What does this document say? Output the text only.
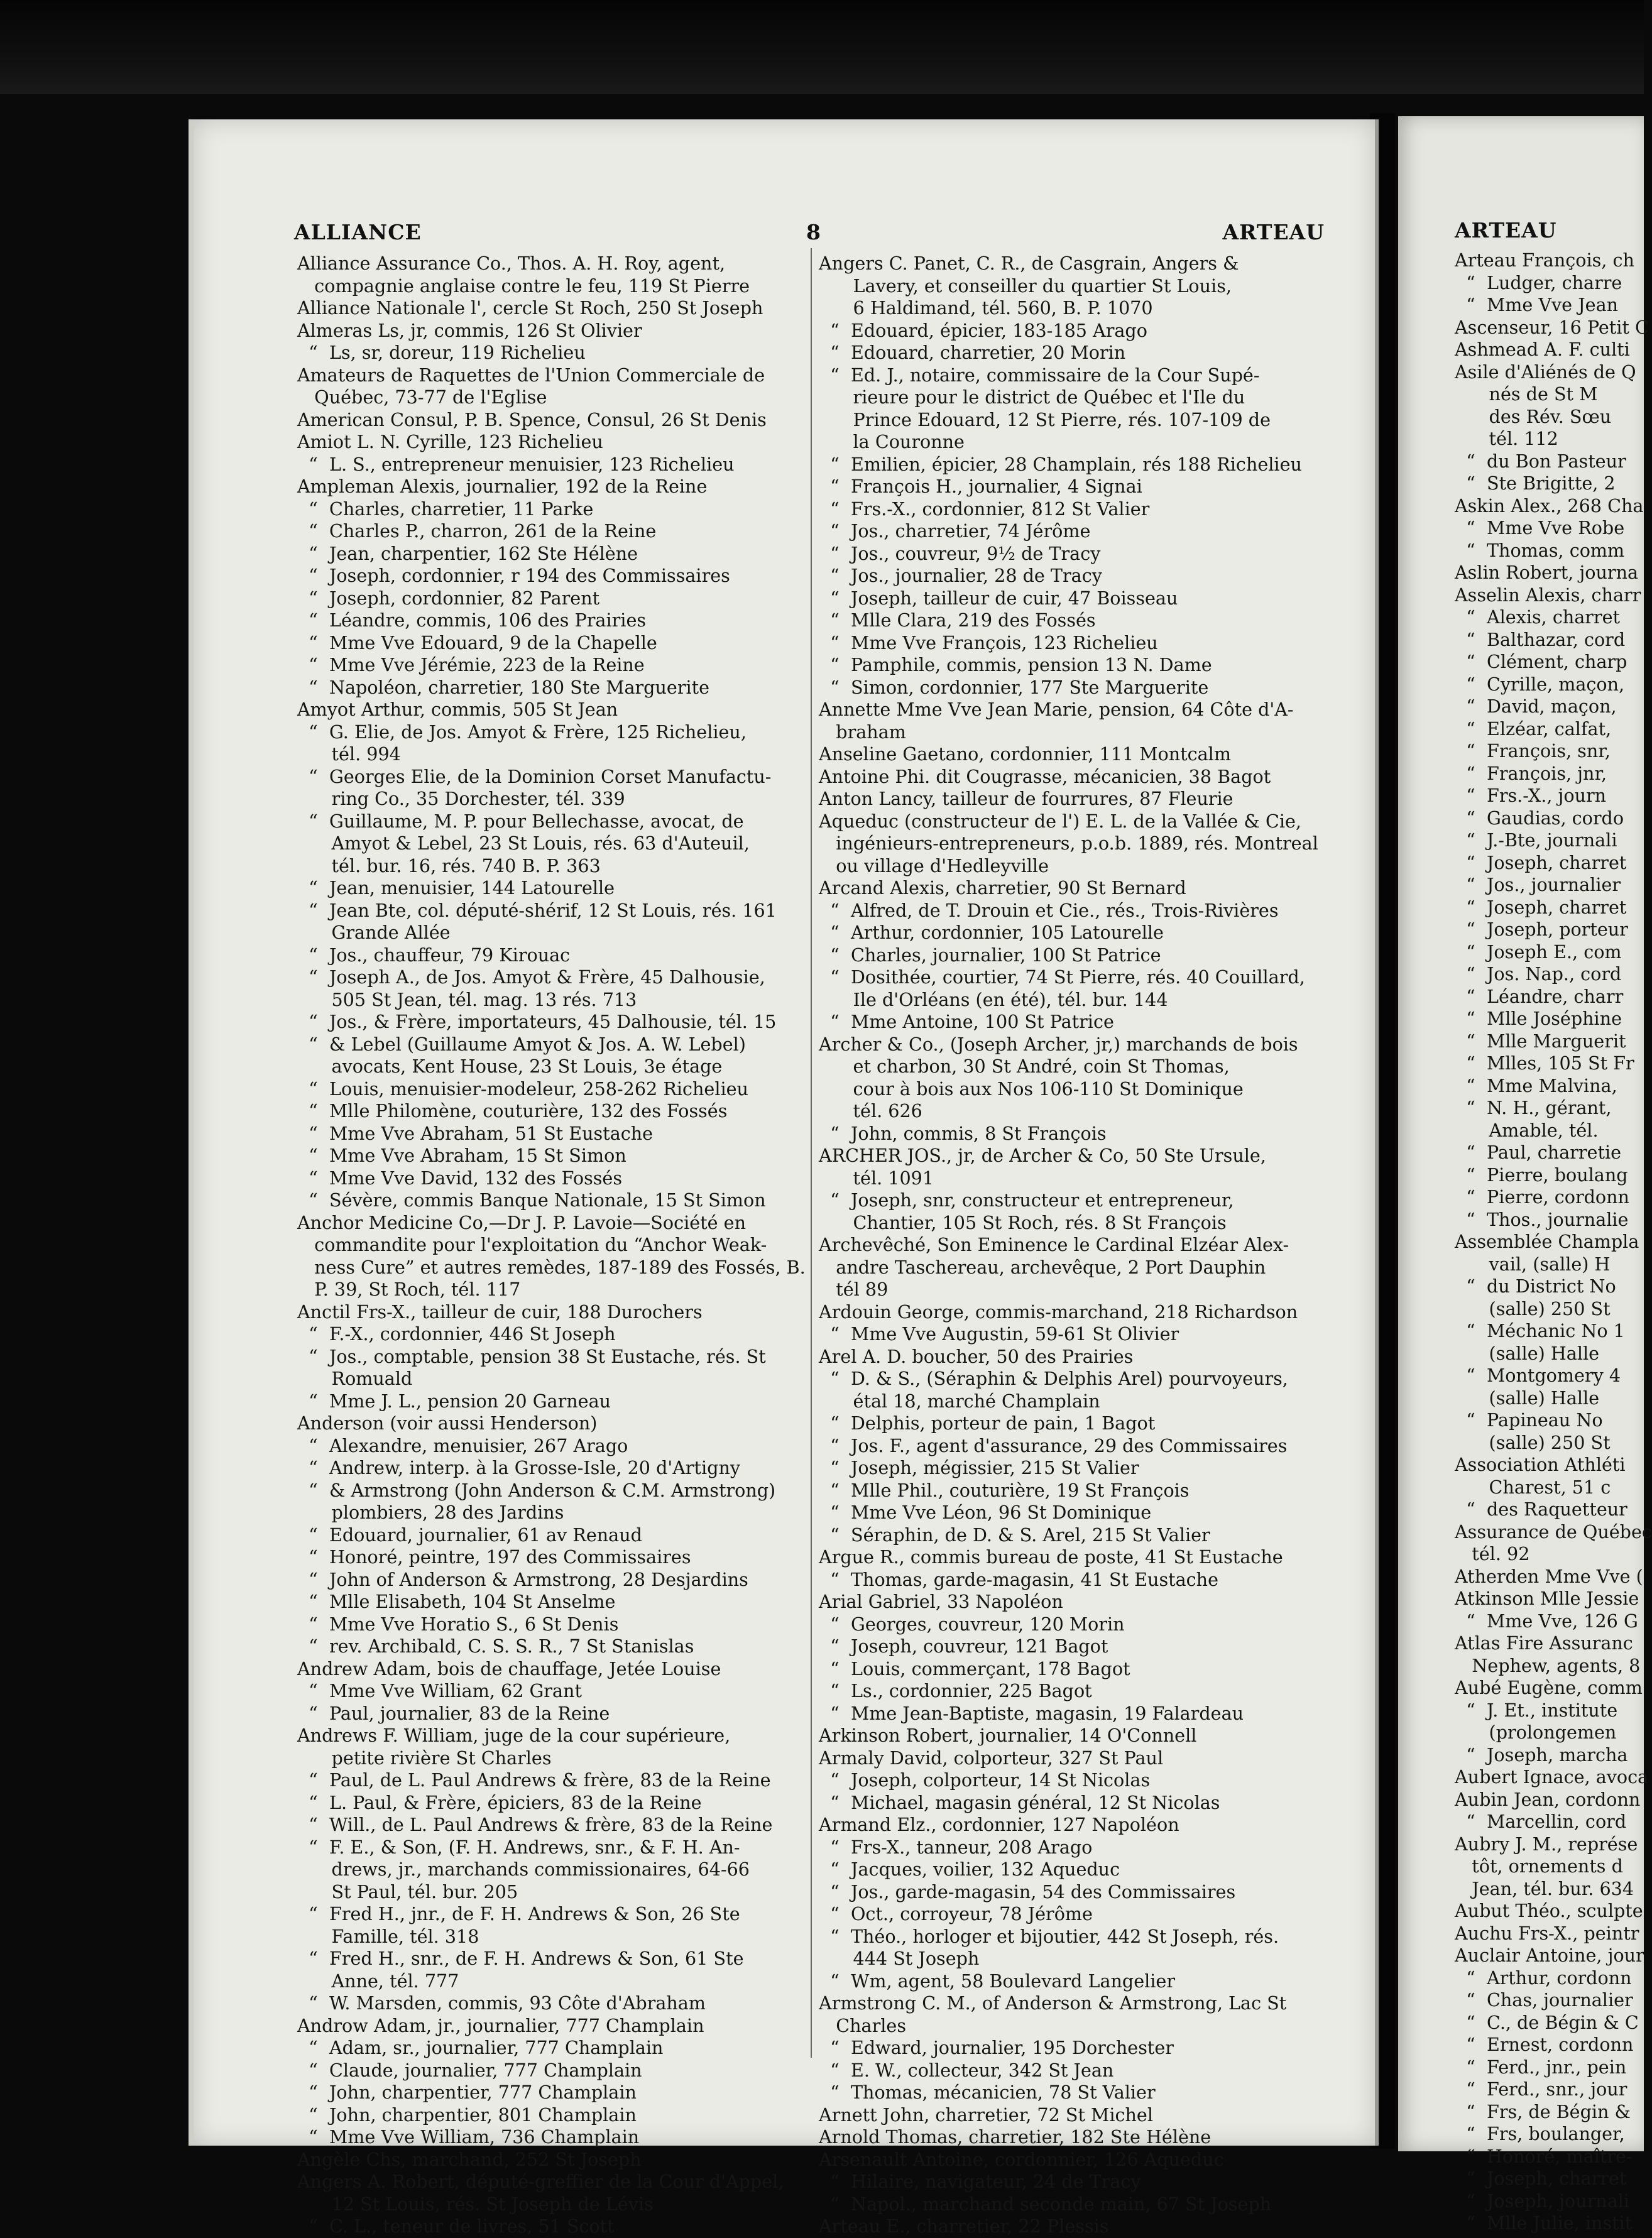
ALLIANCE	8	ARTEAU
Alliance Assurance Co., Thos. A. H. Roy, agent,
compagnie anglaise contre le feu, 119 St Pierre
Alliance Nationale l', cercle St Roch, 250 St Joseph
Almeras Ls, jr, commis, 126 St Olivier
“  Ls, sr, doreur, 119 Richelieu
Amateurs de Raquettes de l'Union Commerciale de
Québec, 73-77 de l'Eglise
American Consul, P. B. Spence, Consul, 26 St Denis
Amiot L. N. Cyrille, 123 Richelieu
“  L. S., entrepreneur menuisier, 123 Richelieu
Ampleman Alexis, journalier, 192 de la Reine
“  Charles, charretier, 11 Parke
“  Charles P., charron, 261 de la Reine
“  Jean, charpentier, 162 Ste Hélène
“  Joseph, cordonnier, r 194 des Commissaires
“  Joseph, cordonnier, 82 Parent
“  Léandre, commis, 106 des Prairies
“  Mme Vve Edouard, 9 de la Chapelle
“  Mme Vve Jérémie, 223 de la Reine
“  Napoléon, charretier, 180 Ste Marguerite
Amyot Arthur, commis, 505 St Jean
“  G. Elie, de Jos. Amyot & Frère, 125 Richelieu,
tél. 994
“  Georges Elie, de la Dominion Corset Manufactu-
ring Co., 35 Dorchester, tél. 339
“  Guillaume, M. P. pour Bellechasse, avocat, de
Amyot & Lebel, 23 St Louis, rés. 63 d'Auteuil,
tél. bur. 16, rés. 740 B. P. 363
“  Jean, menuisier, 144 Latourelle
“  Jean Bte, col. député-shérif, 12 St Louis, rés. 161
Grande Allée
“  Jos., chauffeur, 79 Kirouac
“  Joseph A., de Jos. Amyot & Frère, 45 Dalhousie,
505 St Jean, tél. mag. 13 rés. 713
“  Jos., & Frère, importateurs, 45 Dalhousie, tél. 15
“  & Lebel (Guillaume Amyot & Jos. A. W. Lebel)
avocats, Kent House, 23 St Louis, 3e étage
“  Louis, menuisier-modeleur, 258-262 Richelieu
“  Mlle Philomène, couturière, 132 des Fossés
“  Mme Vve Abraham, 51 St Eustache
“  Mme Vve Abraham, 15 St Simon
“  Mme Vve David, 132 des Fossés
“  Sévère, commis Banque Nationale, 15 St Simon
Anchor Medicine Co,—Dr J. P. Lavoie—Société en
commandite pour l'exploitation du “Anchor Weak-
ness Cure” et autres remèdes, 187-189 des Fossés, B.
P. 39, St Roch, tél. 117
Anctil Frs-X., tailleur de cuir, 188 Durochers
“  F.-X., cordonnier, 446 St Joseph
“  Jos., comptable, pension 38 St Eustache, rés. St
Romuald
“  Mme J. L., pension 20 Garneau
Anderson (voir aussi Henderson)
“  Alexandre, menuisier, 267 Arago
“  Andrew, interp. à la Grosse-Isle, 20 d'Artigny
“  & Armstrong (John Anderson & C.M. Armstrong)
plombiers, 28 des Jardins
“  Edouard, journalier, 61 av Renaud
“  Honoré, peintre, 197 des Commissaires
“  John of Anderson & Armstrong, 28 Desjardins
“  Mlle Elisabeth, 104 St Anselme
“  Mme Vve Horatio S., 6 St Denis
“  rev. Archibald, C. S. S. R., 7 St Stanislas
Andrew Adam, bois de chauffage, Jetée Louise
“  Mme Vve William, 62 Grant
“  Paul, journalier, 83 de la Reine
Andrews F. William, juge de la cour supérieure,
petite rivière St Charles
“  Paul, de L. Paul Andrews & frère, 83 de la Reine
“  L. Paul, & Frère, épiciers, 83 de la Reine
“  Will., de L. Paul Andrews & frère, 83 de la Reine
“  F. E., & Son, (F. H. Andrews, snr., & F. H. An-
drews, jr., marchands commissionaires, 64-66
St Paul, tél. bur. 205
“  Fred H., jnr., de F. H. Andrews & Son, 26 Ste
Famille, tél. 318
“  Fred H., snr., de F. H. Andrews & Son, 61 Ste
Anne, tél. 777
“  W. Marsden, commis, 93 Côte d'Abraham
Androw Adam, jr., journalier, 777 Champlain
“  Adam, sr., journalier, 777 Champlain
“  Claude, journalier, 777 Champlain
“  John, charpentier, 777 Champlain
“  John, charpentier, 801 Champlain
“  Mme Vve William, 736 Champlain
Angèle Chs, marchand, 252 St Joseph
Angers A. Robert, député-greffier de la Cour d'Appel,
12 St Louis, rés. St Joseph de Lévis
“  C. L., teneur de livres, 51 Scott
Angers C. Panet, C. R., de Casgrain, Angers &
Lavery, et conseiller du quartier St Louis,
6 Haldimand, tél. 560, B. P. 1070
“  Edouard, épicier, 183-185 Arago
“  Edouard, charretier, 20 Morin
“  Ed. J., notaire, commissaire de la Cour Supé-
rieure pour le district de Québec et l'Ile du
Prince Edouard, 12 St Pierre, rés. 107-109 de
la Couronne
“  Emilien, épicier, 28 Champlain, rés 188 Richelieu
“  François H., journalier, 4 Signai
“  Frs.-X., cordonnier, 812 St Valier
“  Jos., charretier, 74 Jérôme
“  Jos., couvreur, 9½ de Tracy
“  Jos., journalier, 28 de Tracy
“  Joseph, tailleur de cuir, 47 Boisseau
“  Mlle Clara, 219 des Fossés
“  Mme Vve François, 123 Richelieu
“  Pamphile, commis, pension 13 N. Dame
“  Simon, cordonnier, 177 Ste Marguerite
Annette Mme Vve Jean Marie, pension, 64 Côte d'A-
braham
Anseline Gaetano, cordonnier, 111 Montcalm
Antoine Phi. dit Cougrasse, mécanicien, 38 Bagot
Anton Lancy, tailleur de fourrures, 87 Fleurie
Aqueduc (constructeur de l') E. L. de la Vallée & Cie,
ingénieurs-entrepreneurs, p.o.b. 1889, rés. Montreal
ou village d'Hedleyville
Arcand Alexis, charretier, 90 St Bernard
“  Alfred, de T. Drouin et Cie., rés., Trois-Rivières
“  Arthur, cordonnier, 105 Latourelle
“  Charles, journalier, 100 St Patrice
“  Dosithée, courtier, 74 St Pierre, rés. 40 Couillard,
Ile d'Orléans (en été), tél. bur. 144
“  Mme Antoine, 100 St Patrice
Archer & Co., (Joseph Archer, jr,) marchands de bois
et charbon, 30 St André, coin St Thomas,
cour à bois aux Nos 106-110 St Dominique
tél. 626
“  John, commis, 8 St François
ARCHER JOS., jr, de Archer & Co, 50 Ste Ursule,
tél. 1091
“  Joseph, snr, constructeur et entrepreneur,
Chantier, 105 St Roch, rés. 8 St François
Archevêché, Son Eminence le Cardinal Elzéar Alex-
andre Taschereau, archevêque, 2 Port Dauphin
tél 89
Ardouin George, commis-marchand, 218 Richardson
“  Mme Vve Augustin, 59-61 St Olivier
Arel A. D. boucher, 50 des Prairies
“  D. & S., (Séraphin & Delphis Arel) pourvoyeurs,
étal 18, marché Champlain
“  Delphis, porteur de pain, 1 Bagot
“  Jos. F., agent d'assurance, 29 des Commissaires
“  Joseph, mégissier, 215 St Valier
“  Mlle Phil., couturière, 19 St François
“  Mme Vve Léon, 96 St Dominique
“  Séraphin, de D. & S. Arel, 215 St Valier
Argue R., commis bureau de poste, 41 St Eustache
“  Thomas, garde-magasin, 41 St Eustache
Arial Gabriel, 33 Napoléon
“  Georges, couvreur, 120 Morin
“  Joseph, couvreur, 121 Bagot
“  Louis, commerçant, 178 Bagot
“  Ls., cordonnier, 225 Bagot
“  Mme Jean-Baptiste, magasin, 19 Falardeau
Arkinson Robert, journalier, 14 O'Connell
Armaly David, colporteur, 327 St Paul
“  Joseph, colporteur, 14 St Nicolas
“  Michael, magasin général, 12 St Nicolas
Armand Elz., cordonnier, 127 Napoléon
“  Frs-X., tanneur, 208 Arago
“  Jacques, voilier, 132 Aqueduc
“  Jos., garde-magasin, 54 des Commissaires
“  Oct., corroyeur, 78 Jérôme
“  Théo., horloger et bijoutier, 442 St Joseph, rés.
444 St Joseph
“  Wm, agent, 58 Boulevard Langelier
Armstrong C. M., of Anderson & Armstrong, Lac St
Charles
“  Edward, journalier, 195 Dorchester
“  E. W., collecteur, 342 St Jean
“  Thomas, mécanicien, 78 St Valier
Arnett John, charretier, 72 St Michel
Arnold Thomas, charretier, 182 Ste Hélène
Arsenault Antoine, cordonnier, 126 Aqueduc
“  Hilaire, navigateur, 24 de Tracy
“  Napol., marchand seconde main, 67 St Joseph
Arteau E., charretier, 22 Plessis
ARTEAU
Arteau François, ch
“  Ludger, charre
“  Mme Vve Jean
Ascenseur, 16 Petit C
Ashmead A. F. culti
Asile d'Aliénés de Q
nés de St M
des Rév. Sœu
tél. 112
“  du Bon Pasteur
“  Ste Brigitte, 2
Askin Alex., 268 Cha
“  Mme Vve Robe
“  Thomas, comm
Aslin Robert, journa
Asselin Alexis, charr
“  Alexis, charret
“  Balthazar, cord
“  Clément, charp
“  Cyrille, maçon,
“  David, maçon,
“  Elzéar, calfat,
“  François, snr,
“  François, jnr,
“  Frs.-X., journ
“  Gaudias, cordo
“  J.-Bte, journali
“  Joseph, charret
“  Jos., journalier
“  Joseph, charret
“  Joseph, porteur
“  Joseph E., com
“  Jos. Nap., cord
“  Léandre, charr
“  Mlle Joséphine
“  Mlle Marguerit
“  Mlles, 105 St Fr
“  Mme Malvina,
“  N. H., gérant,
Amable, tél.
“  Paul, charretie
“  Pierre, boulang
“  Pierre, cordonn
“  Thos., journalie
Assemblée Champla
vail, (salle) H
“  du District No
(salle) 250 St
“  Méchanic No 1
(salle) Halle
“  Montgomery 4
(salle) Halle
“  Papineau No
(salle) 250 St
Association Athléti
Charest, 51 c
“  des Raquetteur
Assurance de Québec
tél. 92
Atherden Mme Vve (
Atkinson Mlle Jessie
“  Mme Vve, 126 G
Atlas Fire Assuranc
Nephew, agents, 8
Aubé Eugène, comm
“  J. Et., institute
(prolongemen
“  Joseph, marcha
Aubert Ignace, avoca
Aubin Jean, cordonn
“  Marcellin, cord
Aubry J. M., représe
tôt, ornements d
Jean, tél. bur. 634
Aubut Théo., sculpte
Auchu Frs-X., peintr
Auclair Antoine, jour
“  Arthur, cordonn
“  Chas, journalier
“  C., de Bégin & C
“  Ernest, cordonn
“  Ferd., jnr., pein
“  Ferd., snr., jour
“  Frs, de Bégin &
“  Frs, boulanger,
“  Honoré, maître-
“  Joseph, charret
“  Joseph, journali
“  Mlle Julie, instit
